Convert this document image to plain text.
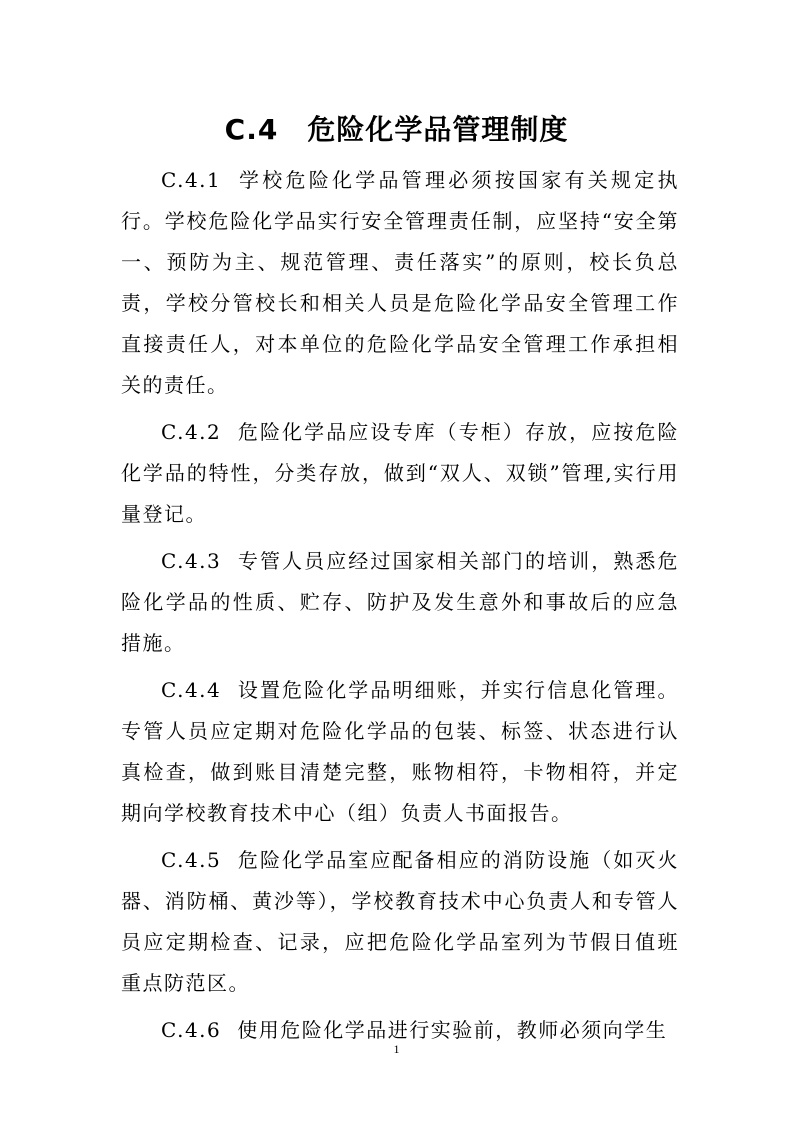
C.4　危险化学品管理制度

C.4.1 学校危险化学品管理必须按国家有关规定执行。学校危险化学品实行安全管理责任制，应坚持“安全第一、预防为主、规范管理、责任落实”的原则，校长负总责，学校分管校长和相关人员是危险化学品安全管理工作直接责任人，对本单位的危险化学品安全管理工作承担相关的责任。

C.4.2 危险化学品应设专库（专柜）存放，应按危险化学品的特性，分类存放，做到“双人、双锁”管理,实行用量登记。

C.4.3 专管人员应经过国家相关部门的培训，熟悉危险化学品的性质、贮存、防护及发生意外和事故后的应急措施。

C.4.4 设置危险化学品明细账，并实行信息化管理。专管人员应定期对危险化学品的包装、标签、状态进行认真检查，做到账目清楚完整，账物相符，卡物相符，并定期向学校教育技术中心（组）负责人书面报告。

C.4.5 危险化学品室应配备相应的消防设施（如灭火器、消防桶、黄沙等），学校教育技术中心负责人和专管人员应定期检查、记录，应把危险化学品室列为节假日值班重点防范区。

C.4.6 使用危险化学品进行实验前，教师必须向学生

1
